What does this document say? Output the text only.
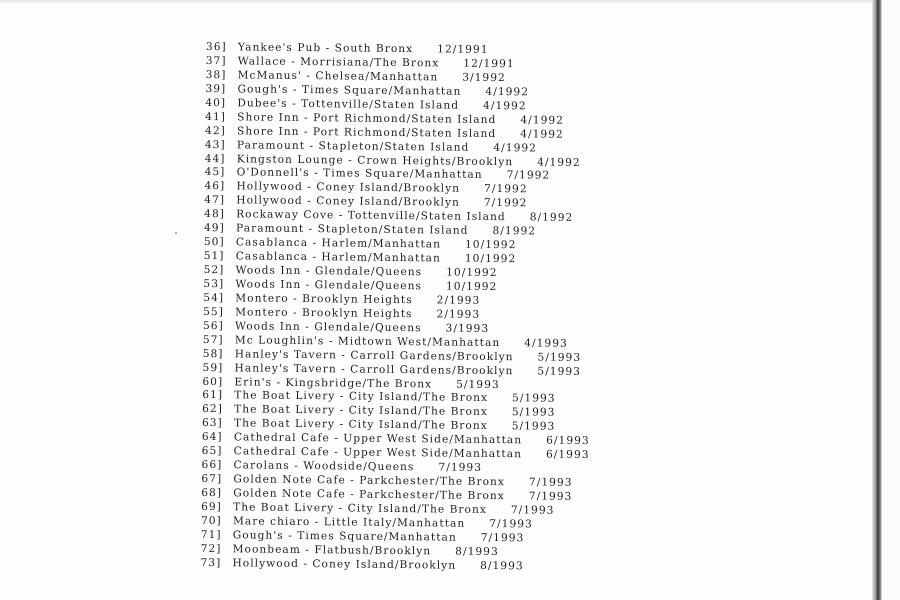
36] Yankee's Pub - South Bronx 12/1991
37] Wallace - Morrisiana/The Bronx 12/1991
38] McManus' - Chelsea/Manhattan 3/1992
39] Gough's - Times Square/Manhattan 4/1992
40] Dubee's - Tottenville/Staten Island 4/1992
41] Shore Inn - Port Richmond/Staten Island 4/1992
42] Shore Inn - Port Richmond/Staten Island 4/1992
43] Paramount - Stapleton/Staten Island 4/1992
44] Kingston Lounge - Crown Heights/Brooklyn 4/1992
45] O'Donnell's - Times Square/Manhattan 7/1992
46] Hollywood - Coney Island/Brooklyn 7/1992
47] Hollywood - Coney Island/Brooklyn 7/1992
48] Rockaway Cove - Tottenville/Staten Island 8/1992
49] Paramount - Stapleton/Staten Island 8/1992
50] Casablanca - Harlem/Manhattan 10/1992
51] Casablanca - Harlem/Manhattan 10/1992
52] Woods Inn - Glendale/Queens 10/1992
53] Woods Inn - Glendale/Queens 10/1992
54] Montero - Brooklyn Heights 2/1993
55] Montero - Brooklyn Heights 2/1993
56] Woods Inn - Glendale/Queens 3/1993
57] Mc Loughlin's - Midtown West/Manhattan 4/1993
58] Hanley's Tavern - Carroll Gardens/Brooklyn 5/1993
59] Hanley's Tavern - Carroll Gardens/Brooklyn 5/1993
60] Erin's - Kingsbridge/The Bronx 5/1993
61] The Boat Livery - City Island/The Bronx 5/1993
62] The Boat Livery - City Island/The Bronx 5/1993
63] The Boat Livery - City Island/The Bronx 5/1993
64] Cathedral Cafe - Upper West Side/Manhattan 6/1993
65] Cathedral Cafe - Upper West Side/Manhattan 6/1993
66] Carolans - Woodside/Queens 7/1993
67] Golden Note Cafe - Parkchester/The Bronx 7/1993
68] Golden Note Cafe - Parkchester/The Bronx 7/1993
69] The Boat Livery - City Island/The Bronx 7/1993
70] Mare chiaro - Little Italy/Manhattan 7/1993
71] Gough's - Times Square/Manhattan 7/1993
72] Moonbeam - Flatbush/Brooklyn 8/1993
73] Hollywood - Coney Island/Brooklyn 8/1993
